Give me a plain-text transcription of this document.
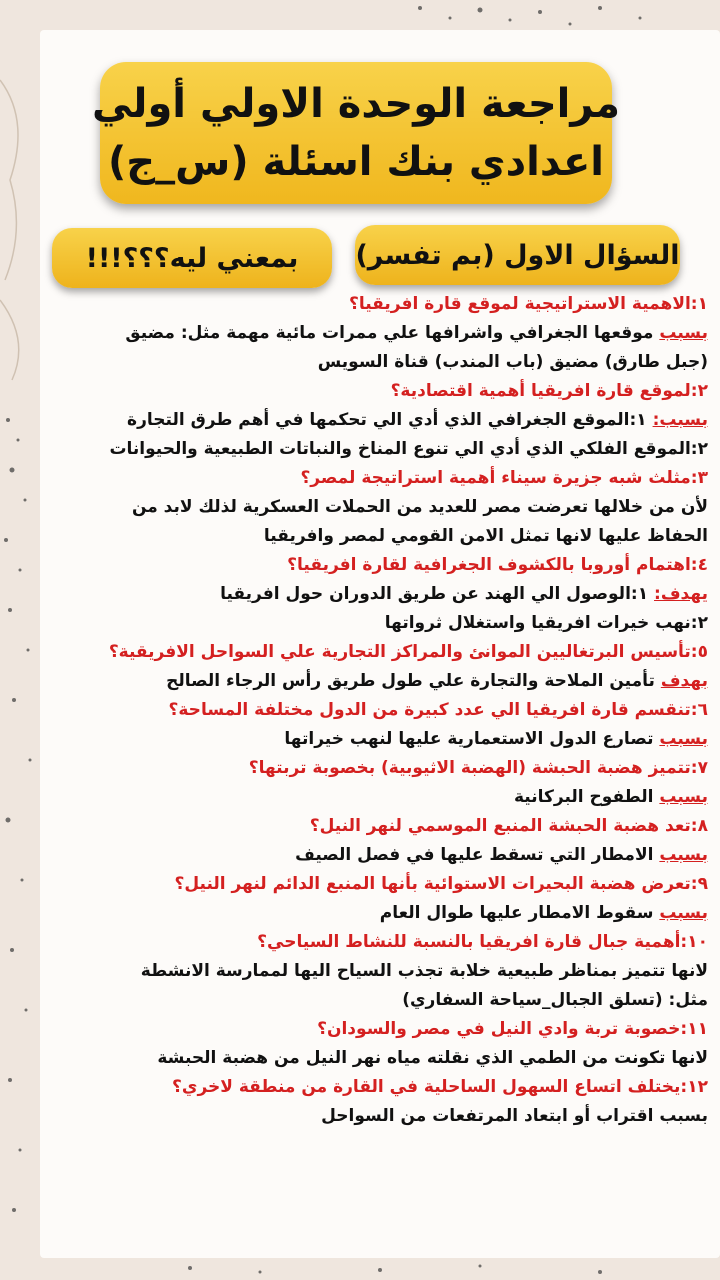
مراجعة الوحدة الاولي أولي
اعدادي بنك اسئلة (س_ج)
السؤال الاول (بم تفسر)
بمعني ليه؟؟؟!!!
١:الاهمية الاستراتيجية لموقع قارة افريقيا؟
بسبب موقعها الجغرافي واشرافها علي ممرات مائية مهمة مثل: مضيق
(جبل طارق) مضيق (باب المندب) قناة السويس
٢:لموقع قارة افريقيا أهمية اقتصادية؟
بسبب: ١:الموقع الجغرافي الذي أدي الي تحكمها في أهم طرق التجارة
٢:الموقع الفلكي الذي أدي الي تنوع المناخ والنباتات الطبيعية والحيوانات
٣:مثلث شبه جزيرة سيناء أهمية استراتيجة لمصر؟
لأن من خلالها تعرضت مصر للعديد من الحملات العسكرية لذلك لابد من
الحفاظ عليها لانها تمثل الامن القومي لمصر وافريقيا
٤:اهتمام أوروبا بالكشوف الجغرافية لقارة افريقيا؟
يهدف: ١:الوصول الي الهند عن طريق الدوران حول افريقيا
٢:نهب خيرات افريقيا واستغلال ثرواتها
٥:تأسيس البرتغاليين الموانئ والمراكز التجارية علي السواحل الافريقية؟
بهدف تأمين الملاحة والتجارة علي طول طريق رأس الرجاء الصالح
٦:تنقسم قارة افريقيا الي عدد كبيرة من الدول مختلفة المساحة؟
بسبب تصارع الدول الاستعمارية عليها لنهب خيراتها
٧:تتميز هضبة الحبشة (الهضبة الاثيوبية) بخصوبة تربتها؟
بسبب الطفوح البركانية
٨:تعد هضبة الحبشة المنبع الموسمي لنهر النيل؟
بسبب الامطار التي تسقط عليها في فصل الصيف
٩:تعرض هضبة البحيرات الاستوائية بأنها المنبع الدائم لنهر النيل؟
بسبب سقوط الامطار عليها طوال العام
١٠:أهمية جبال قارة افريقيا بالنسبة للنشاط السياحي؟
لانها تتميز بمناظر طبيعية خلابة تجذب السياح اليها لممارسة الانشطة
مثل: (تسلق الجبال_سياحة السفاري)
١١:خصوبة تربة وادي النيل في مصر والسودان؟
لانها تكونت من الطمي الذي نقلته مياه نهر النيل من هضبة الحبشة
١٢:يختلف اتساع السهول الساحلية في القارة من منطقة لاخري؟
بسبب اقتراب أو ابتعاد المرتفعات من السواحل
